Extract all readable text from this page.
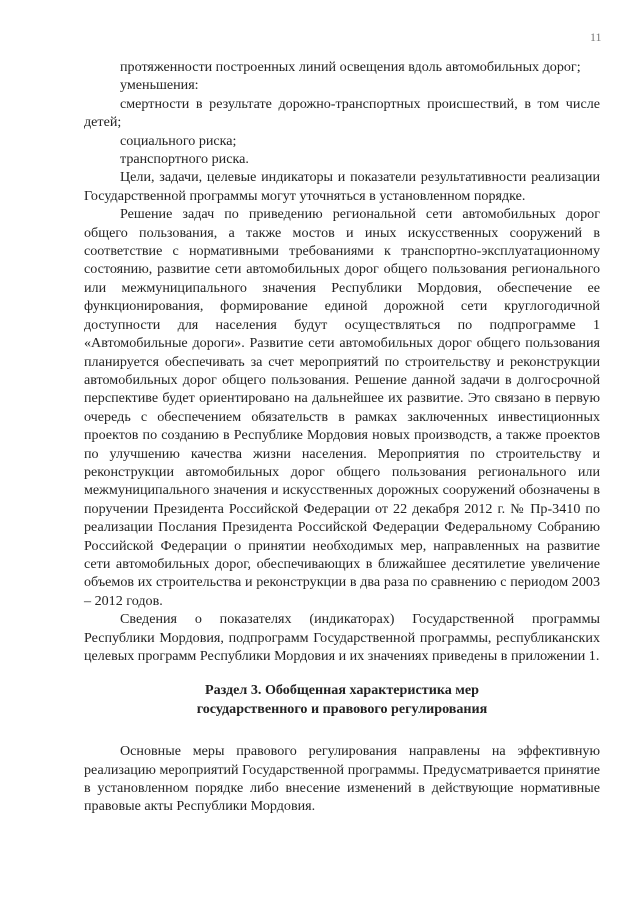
11

протяженности построенных линий освещения вдоль автомобильных дорог;

уменьшения:

смертности в результате дорожно-транспортных происшествий, в том числе детей;

социального риска;

транспортного риска.

Цели, задачи, целевые индикаторы и показатели результативности реализации Государственной программы могут уточняться в установленном порядке.

Решение задач по приведению региональной сети автомобильных дорог общего пользования, а также мостов и иных искусственных сооружений в соответствие с нормативными требованиями к транспортно-эксплуатационному состоянию, развитие сети автомобильных дорог общего пользования регионального или межмуниципального значения Республики Мордовия, обеспечение ее функционирования, формирование единой дорожной сети круглогодичной доступности для населения будут осуществляться по подпрограмме 1 «Автомобильные дороги». Развитие сети автомобильных дорог общего пользования планируется обеспечивать за счет мероприятий по строительству и реконструкции автомобильных дорог общего пользования. Решение данной задачи в долгосрочной перспективе будет ориентировано на дальнейшее их развитие. Это связано в первую очередь с обеспечением обязательств в рамках заключенных инвестиционных проектов по созданию в Республике Мордовия новых производств, а также проектов по улучшению качества жизни населения. Мероприятия по строительству и реконструкции автомобильных дорог общего пользования регионального или межмуниципального значения и искусственных дорожных сооружений обозначены в поручении Президента Российской Федерации от 22 декабря 2012 г. № Пр-3410 по реализации Послания Президента Российской Федерации Федеральному Собранию Российской Федерации о принятии необходимых мер, направленных на развитие сети автомобильных дорог, обеспечивающих в ближайшее десятилетие увеличение объемов их строительства и реконструкции в два раза по сравнению с периодом 2003 – 2012 годов.

Сведения о показателях (индикаторах) Государственной программы Республики Мордовия, подпрограмм Государственной программы, республиканских целевых программ Республики Мордовия и их значениях приведены в приложении 1.

Раздел 3. Обобщенная характеристика мер
государственного и правового регулирования

Основные меры правового регулирования направлены на эффективную реализацию мероприятий Государственной программы. Предусматривается принятие в установленном порядке либо внесение изменений в действующие нормативные правовые акты Республики Мордовия.
